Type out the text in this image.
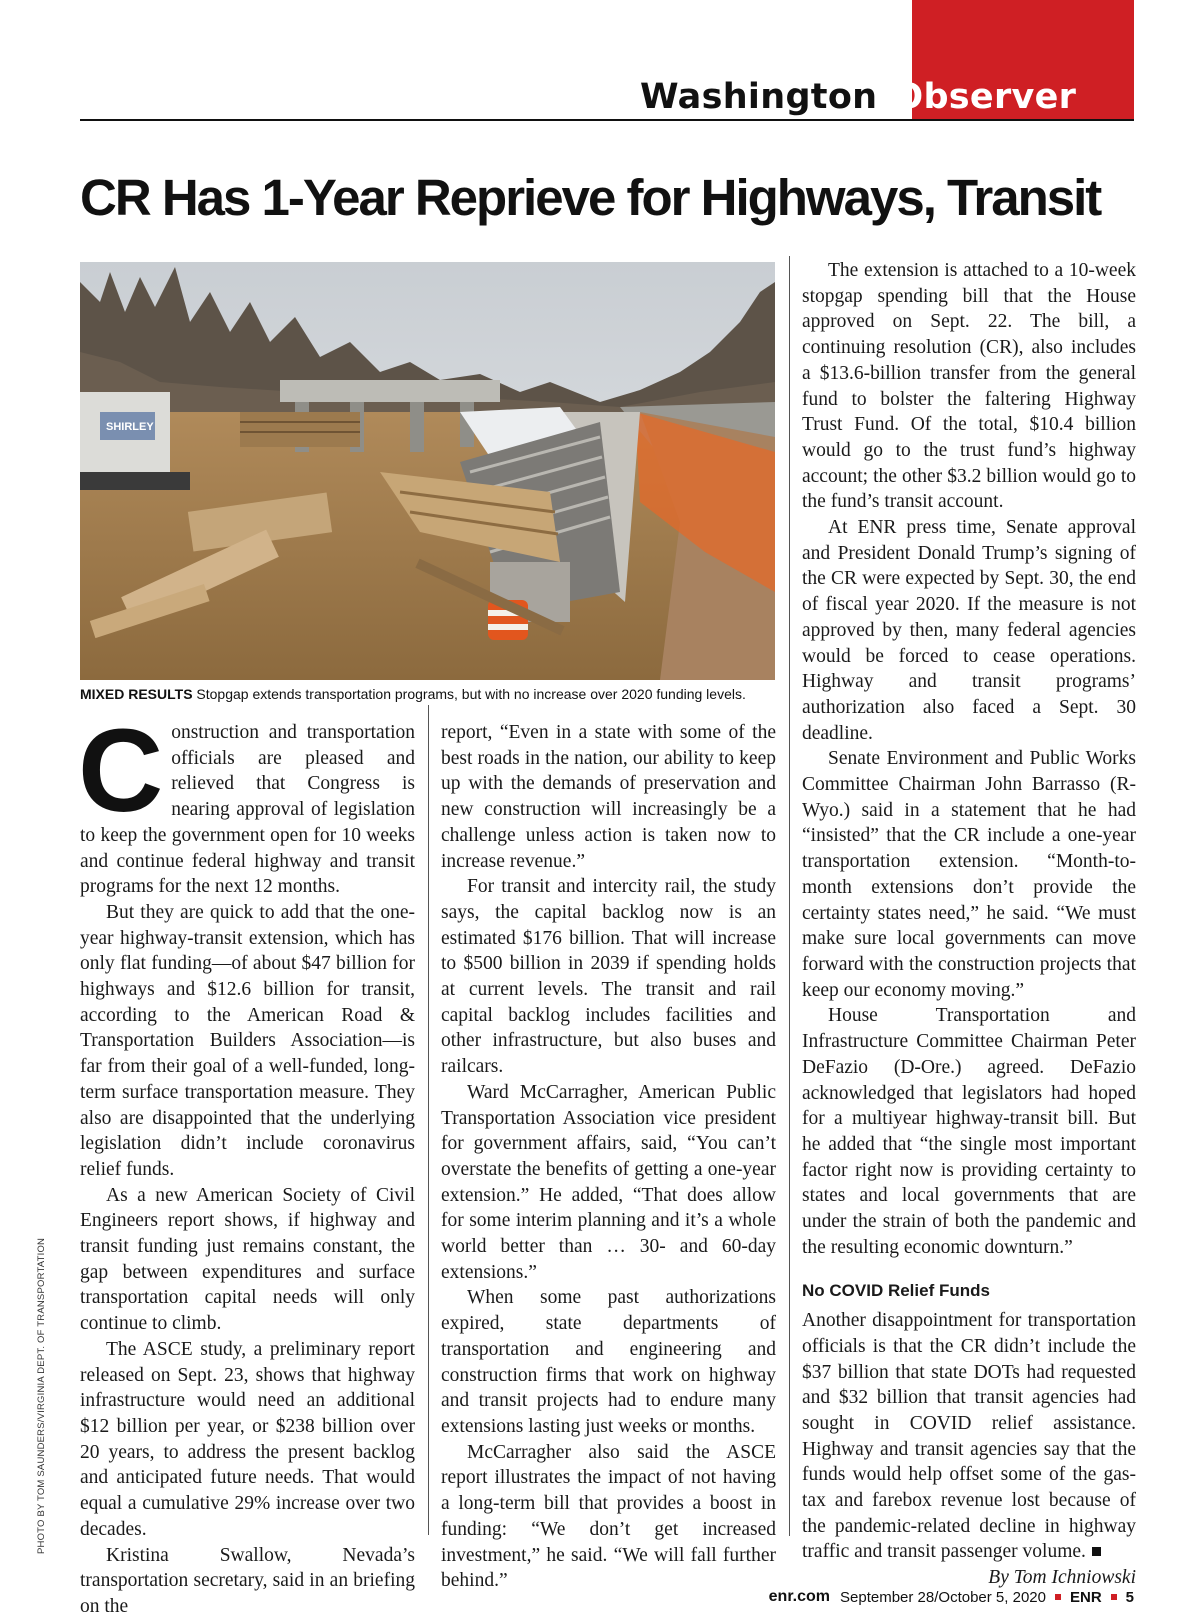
Washington Observer
CR Has 1-Year Reprieve for Highways, Transit
SHIRLEY
MIXED RESULTS Stopgap extends transportation programs, but with no increase over 2020 funding levels.

Construction and transportation officials are pleased and relieved that Congress is nearing approval of legislation to keep the government open for 10 weeks and continue federal highway and transit programs for the next 12 months.

But they are quick to add that the one-year highway-transit extension, which has only flat funding—of about $47 billion for highways and $12.6 billion for transit, according to the American Road & Transportation Builders Association—is far from their goal of a well-funded, long-term surface transportation measure. They also are disappointed that the underlying legislation didn’t include coronavirus relief funds.

As a new American Society of Civil Engineers report shows, if highway and transit funding just remains constant, the gap between expenditures and surface transportation capital needs will only continue to climb.

The ASCE study, a preliminary report released on Sept. 23, shows that highway infrastructure would need an additional $12 billion per year, or $238 billion over 20 years, to address the present backlog and anticipated future needs. That would equal a cumulative 29% increase over two decades.

Kristina Swallow, Nevada’s transportation secretary, said in an briefing on the

report, “Even in a state with some of the best roads in the nation, our ability to keep up with the demands of preservation and new construction will increasingly be a challenge unless action is taken now to increase revenue.”

For transit and intercity rail, the study says, the capital backlog now is an estimated $176 billion. That will increase to $500 billion in 2039 if spending holds at current levels. The transit and rail capital backlog includes facilities and other infrastructure, but also buses and railcars.

Ward McCarragher, American Public Transportation Association vice president for government affairs, said, “You can’t overstate the benefits of getting a one-year extension.” He added, “That does allow for some interim planning and it’s a whole world better than … 30- and 60-day extensions.”

When some past authorizations expired, state departments of transportation and engineering and construction firms that work on highway and transit projects had to endure many extensions lasting just weeks or months.

McCarragher also said the ASCE report illustrates the impact of not having a long-term bill that provides a boost in funding: “We don’t get increased investment,” he said. “We will fall further behind.”

The extension is attached to a 10-week stopgap spending bill that the House approved on Sept. 22. The bill, a continuing resolution (CR), also includes a $13.6-billion transfer from the general fund to bolster the faltering Highway Trust Fund. Of the total, $10.4 billion would go to the trust fund’s highway account; the other $3.2 billion would go to the fund’s transit account.

At ENR press time, Senate approval and President Donald Trump’s signing of the CR were expected by Sept. 30, the end of fiscal year 2020. If the measure is not approved by then, many federal agencies would be forced to cease operations. Highway and transit programs’ authorization also faced a Sept. 30 deadline.

Senate Environment and Public Works Committee Chairman John Barrasso (R-Wyo.) said in a statement that he had “insisted” that the CR include a one-year transportation extension. “Month-to-month extensions don’t provide the certainty states need,” he said. “We must make sure local governments can move forward with the construction projects that keep our economy moving.”

House Transportation and Infrastructure Committee Chairman Peter DeFazio (D-Ore.) agreed. DeFazio acknowledged that legislators had hoped for a multiyear highway-transit bill. But he added that “the single most important factor right now is providing certainty to states and local governments that are under the strain of both the pandemic and the resulting economic downturn.”

No COVID Relief Funds

Another disappointment for transportation officials is that the CR didn’t include the $37 billion that state DOTs had requested and $32 billion that transit agencies had sought in COVID relief assistance. Highway and transit agencies say that the funds would help offset some of the gas-tax and farebox revenue lost because of the pandemic-related decline in highway traffic and transit passenger volume.

By Tom Ichniowski

PHOTO BY TOM SAUNDERS/VIRGINIA DEPT. OF TRANSPORTATION
enr.com September 28/October 5, 2020 ENR 5
